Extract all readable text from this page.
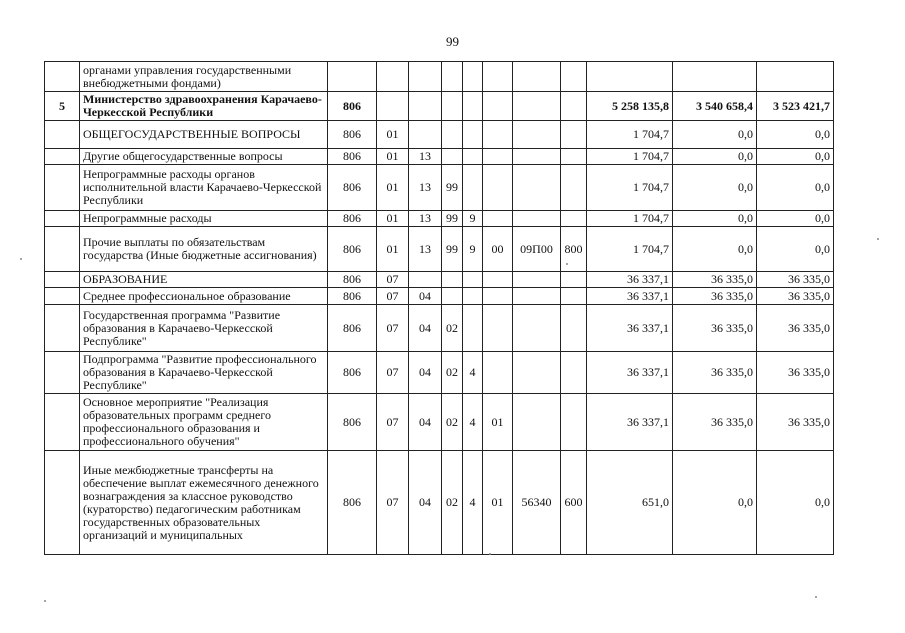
99
	органами управления государственными внебюджетными фондами)											
5	Министерство здравоохранения Карачаево-Черкесской Республики	806								5 258 135,8	3 540 658,4	3 523 421,7
	ОБЩЕГОСУДАРСТВЕННЫЕ ВОПРОСЫ	806	01							1 704,7	0,0	0,0
	Другие общегосударственные вопросы	806	01	13						1 704,7	0,0	0,0
	Непрограммные расходы органов исполнительной власти Карачаево-Черкесской Республики	806	01	13	99					1 704,7	0,0	0,0
	Непрограммные расходы	806	01	13	99	9				1 704,7	0,0	0,0
	Прочие выплаты по обязательствам государства (Иные бюджетные ассигнования)	806	01	13	99	9	00	09П00	800	1 704,7	0,0	0,0
	ОБРАЗОВАНИЕ	806	07							36 337,1	36 335,0	36 335,0
	Среднее профессиональное образование	806	07	04						36 337,1	36 335,0	36 335,0
	Государственная программа "Развитие образования в Карачаево-Черкесской Республике"	806	07	04	02					36 337,1	36 335,0	36 335,0
	Подпрограмма "Развитие профессионального образования в Карачаево-Черкесской Республике"	806	07	04	02	4				36 337,1	36 335,0	36 335,0
	Основное мероприятие "Реализация образовательных программ среднего профессионального образования и профессионального обучения"	806	07	04	02	4	01			36 337,1	36 335,0	36 335,0
	Иные межбюджетные трансферты на обеспечение выплат ежемесячного денежного вознаграждения за классное руководство (кураторство) педагогическим работникам государственных образовательных организаций и муниципальных	806	07	04	02	4	01	56340	600	651,0	0,0	0,0
